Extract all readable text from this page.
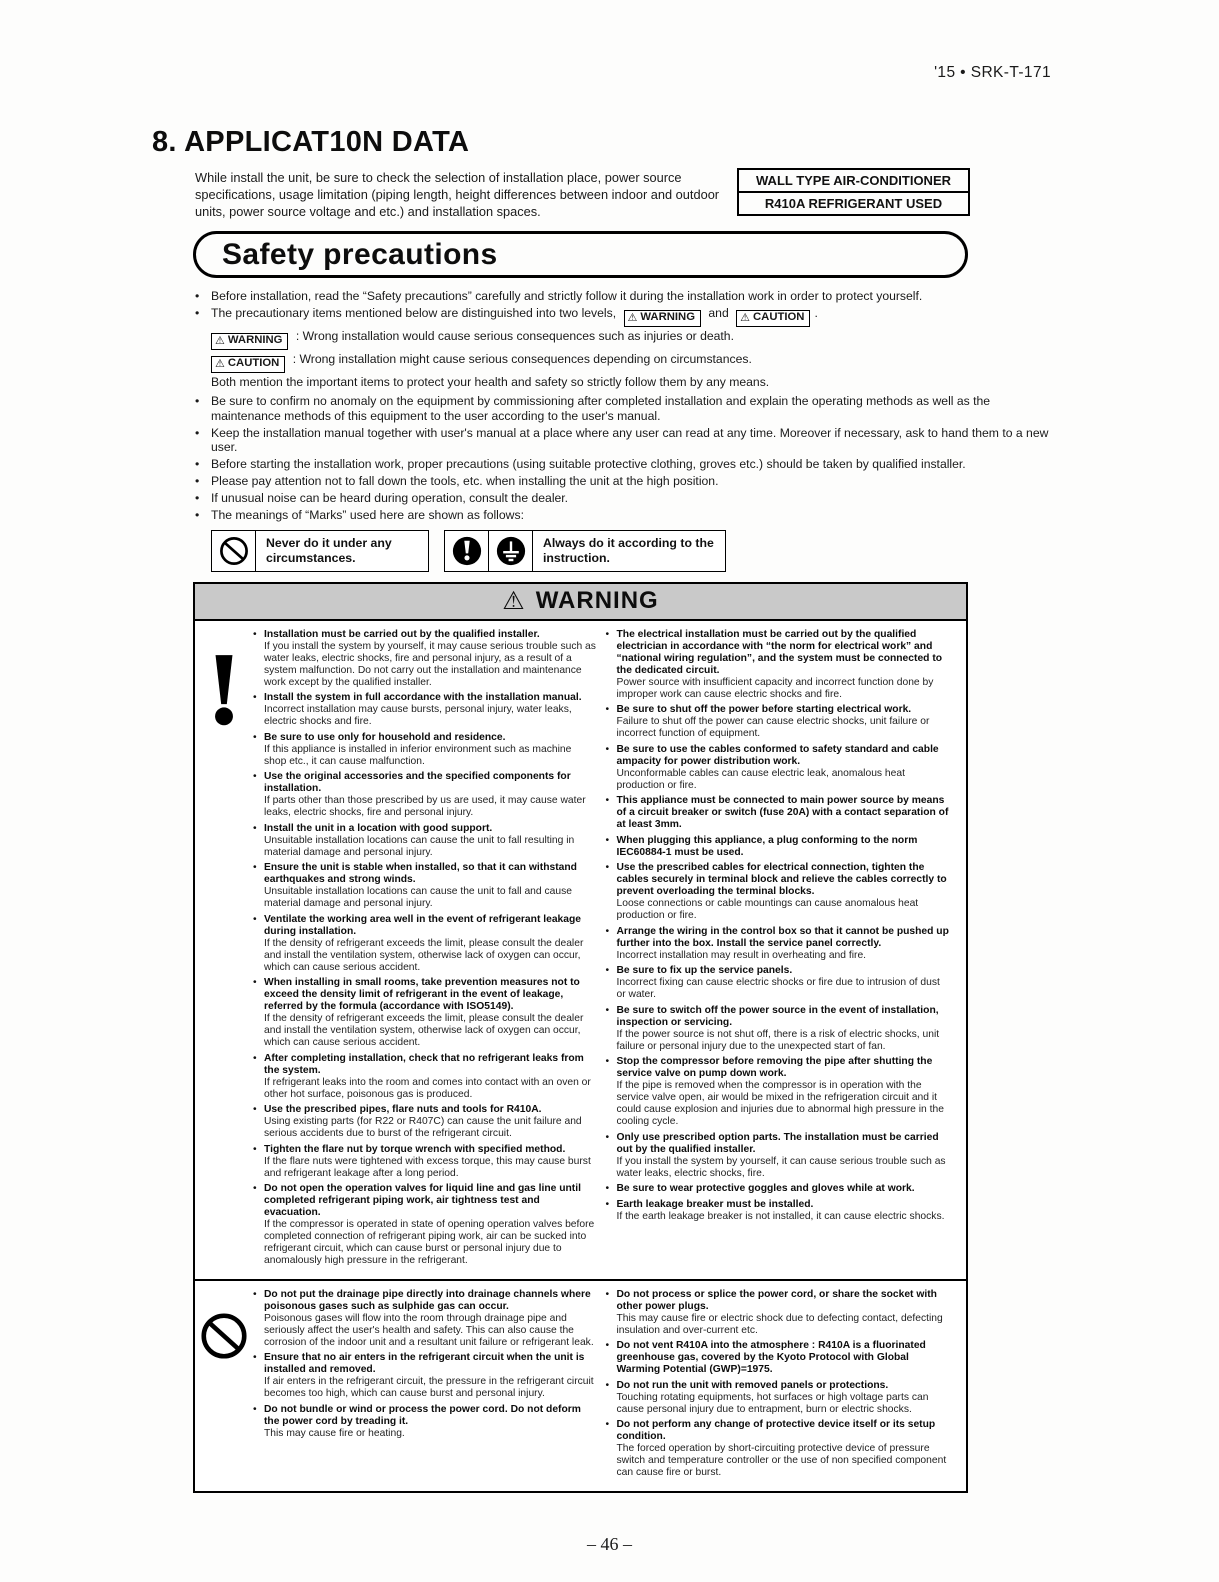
'15 • SRK-T-171
8. APPLICAT10N DATA

While install the unit, be sure to check the selection of installation place, power source specifications, usage limitation (piping length, height differences between indoor and outdoor units, power source voltage and etc.) and installation spaces.

WALL TYPE AIR-CONDITIONER
R410A REFRIGERANT USED
Safety precautions
• Before installation, read the “Safety precautions” carefully and strictly follow it during the installation work in order to protect yourself.
• The precautionary items mentioned below are distinguished into two levels, ⚠ WARNING and ⚠ CAUTION .
⚠ WARNING : Wrong installation would cause serious consequences such as injuries or death.
⚠ CAUTION : Wrong installation might cause serious consequences depending on circumstances.
Both mention the important items to protect your health and safety so strictly follow them by any means.
• Be sure to confirm no anomaly on the equipment by commissioning after completed installation and explain the operating methods as well as the maintenance methods of this equipment to the user according to the user's manual.
• Keep the installation manual together with user's manual at a place where any user can read at any time. Moreover if necessary, ask to hand them to a new user.
• Before starting the installation work, proper precautions (using suitable protective clothing, groves etc.) should be taken by qualified installer.
• Please pay attention not to fall down the tools, etc. when installing the unit at the high position.
• If unusual noise can be heard during operation, consult the dealer.
• The meanings of “Marks” used here are shown as follows:
Never do it under any circumstances.
Always do it according to the instruction.
⚠ WARNING
• Installation must be carried out by the qualified installer.
If you install the system by yourself, it may cause serious trouble such as water leaks, electric shocks, fire and personal injury, as a result of a system malfunction. Do not carry out the installation and maintenance work except by the qualified installer.
• Install the system in full accordance with the installation manual.
Incorrect installation may cause bursts, personal injury, water leaks, electric shocks and fire.
• Be sure to use only for household and residence.
If this appliance is installed in inferior environment such as machine shop etc., it can cause malfunction.
• Use the original accessories and the specified components for installation.
If parts other than those prescribed by us are used, it may cause water leaks, electric shocks, fire and personal injury.
• Install the unit in a location with good support.
Unsuitable installation locations can cause the unit to fall resulting in material damage and personal injury.
• Ensure the unit is stable when installed, so that it can withstand earthquakes and strong winds.
Unsuitable installation locations can cause the unit to fall and cause material damage and personal injury.
• Ventilate the working area well in the event of refrigerant leakage during installation.
If the density of refrigerant exceeds the limit, please consult the dealer and install the ventilation system, otherwise lack of oxygen can occur, which can cause serious accident.
• When installing in small rooms, take prevention measures not to exceed the density limit of refrigerant in the event of leakage, referred by the formula (accordance with ISO5149).
If the density of refrigerant exceeds the limit, please consult the dealer and install the ventilation system, otherwise lack of oxygen can occur, which can cause serious accident.
• After completing installation, check that no refrigerant leaks from the system.
If refrigerant leaks into the room and comes into contact with an oven or other hot surface, poisonous gas is produced.
• Use the prescribed pipes, flare nuts and tools for R410A.
Using existing parts (for R22 or R407C) can cause the unit failure and serious accidents due to burst of the refrigerant circuit.
• Tighten the flare nut by torque wrench with specified method.
If the flare nuts were tightened with excess torque, this may cause burst and refrigerant leakage after a long period.
• Do not open the operation valves for liquid line and gas line until completed refrigerant piping work, air tightness test and evacuation.
If the compressor is operated in state of opening operation valves before completed connection of refrigerant piping work, air can be sucked into refrigerant circuit, which can cause burst or personal injury due to anomalously high pressure in the refrigerant.
• The electrical installation must be carried out by the qualified electrician in accordance with “the norm for electrical work” and “national wiring regulation”, and the system must be connected to the dedicated circuit.
Power source with insufficient capacity and incorrect function done by improper work can cause electric shocks and fire.
• Be sure to shut off the power before starting electrical work.
Failure to shut off the power can cause electric shocks, unit failure or incorrect function of equipment.
• Be sure to use the cables conformed to safety standard and cable ampacity for power distribution work.
Unconformable cables can cause electric leak, anomalous heat production or fire.
• This appliance must be connected to main power source by means of a circuit breaker or switch (fuse 20A) with a contact separation of at least 3mm.
• When plugging this appliance, a plug conforming to the norm IEC60884-1 must be used.
• Use the prescribed cables for electrical connection, tighten the cables securely in terminal block and relieve the cables correctly to prevent overloading the terminal blocks.
Loose connections or cable mountings can cause anomalous heat production or fire.
• Arrange the wiring in the control box so that it cannot be pushed up further into the box. Install the service panel correctly.
Incorrect installation may result in overheating and fire.
• Be sure to fix up the service panels.
Incorrect fixing can cause electric shocks or fire due to intrusion of dust or water.
• Be sure to switch off the power source in the event of installation, inspection or servicing.
If the power source is not shut off, there is a risk of electric shocks, unit failure or personal injury due to the unexpected start of fan.
• Stop the compressor before removing the pipe after shutting the service valve on pump down work.
If the pipe is removed when the compressor is in operation with the service valve open, air would be mixed in the refrigeration circuit and it could cause explosion and injuries due to abnormal high pressure in the cooling cycle.
• Only use prescribed option parts. The installation must be carried out by the qualified installer.
If you install the system by yourself, it can cause serious trouble such as water leaks, electric shocks, fire.
• Be sure to wear protective goggles and gloves while at work.
• Earth leakage breaker must be installed.
If the earth leakage breaker is not installed, it can cause electric shocks.
• Do not put the drainage pipe directly into drainage channels where poisonous gases such as sulphide gas can occur.
Poisonous gases will flow into the room through drainage pipe and seriously affect the user's health and safety. This can also cause the corrosion of the indoor unit and a resultant unit failure or refrigerant leak.
• Ensure that no air enters in the refrigerant circuit when the unit is installed and removed.
If air enters in the refrigerant circuit, the pressure in the refrigerant circuit becomes too high, which can cause burst and personal injury.
• Do not bundle or wind or process the power cord. Do not deform the power cord by treading it.
This may cause fire or heating.
• Do not process or splice the power cord, or share the socket with other power plugs.
This may cause fire or electric shock due to defecting contact, defecting insulation and over-current etc.
• Do not vent R410A into the atmosphere : R410A is a fluorinated greenhouse gas, covered by the Kyoto Protocol with Global Warming Potential (GWP)=1975.
• Do not run the unit with removed panels or protections.
Touching rotating equipments, hot surfaces or high voltage parts can cause personal injury due to entrapment, burn or electric shocks.
• Do not perform any change of protective device itself or its setup condition.
The forced operation by short-circuiting protective device of pressure switch and temperature controller or the use of non specified component can cause fire or burst.
– 46 –
